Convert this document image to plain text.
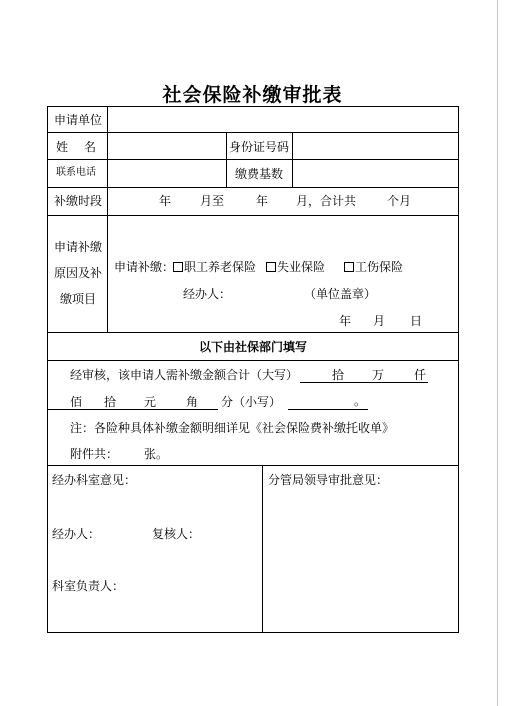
社会保险补缴审批表
申请单位
姓　名	身份证号码
联系电话	缴费基数
补缴时段	年 月至	年 月，合计共	个月
申请补缴
原因及补
缴项目
申请补缴： 职工养老保险	失业保险	工伤保险
经办人：	（单位盖章）
年 月 日
以下由社保部门填写
经审核，该申请人需补缴金额合计（大写）	拾 万 仟
佰 拾 元 角 分（小写）	。
注：各险种具体补缴金额明细详见《社会保险费补缴托收单》
附件共： 张。
经办科室意见：
经办人：	复核人：
科室负责人：
分管局领导审批意见：
